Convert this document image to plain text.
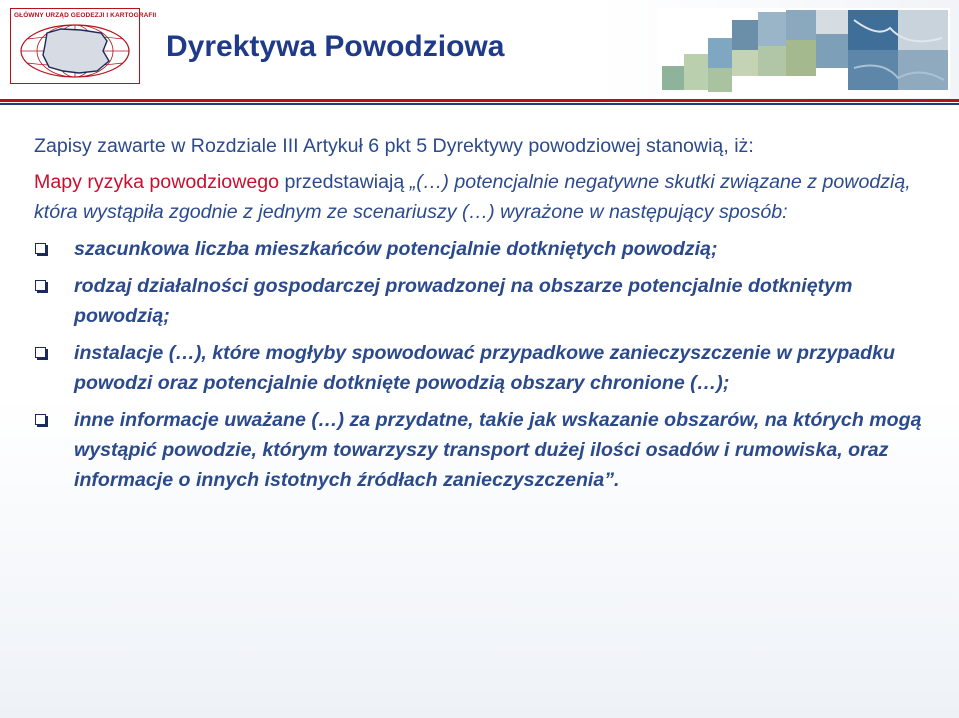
GŁÓWNY URZĄD GEODEZJI I KARTOGRAFII
Dyrektywa Powodziowa

Zapisy zawarte w Rozdziale III Artykuł 6 pkt 5 Dyrektywy powodziowej stanowią, iż:

Mapy ryzyka powodziowego przedstawiają „(…) potencjalnie negatywne skutki związane z powodzią, która wystąpiła zgodnie z jednym ze scenariuszy (…) wyrażone w następujący sposób:

szacunkowa liczba mieszkańców potencjalnie dotkniętych powodzią;
rodzaj działalności gospodarczej prowadzonej na obszarze potencjalnie dotkniętym powodzią;
instalacje (…), które mogłyby spowodować przypadkowe zanieczyszczenie w przypadku powodzi oraz potencjalnie dotknięte powodzią obszary chronione (…);
inne informacje uważane (…) za przydatne, takie jak wskazanie obszarów, na których mogą wystąpić powodzie, którym towarzyszy transport dużej ilości osadów i rumowiska, oraz informacje o innych istotnych źródłach zanieczyszczenia”.
